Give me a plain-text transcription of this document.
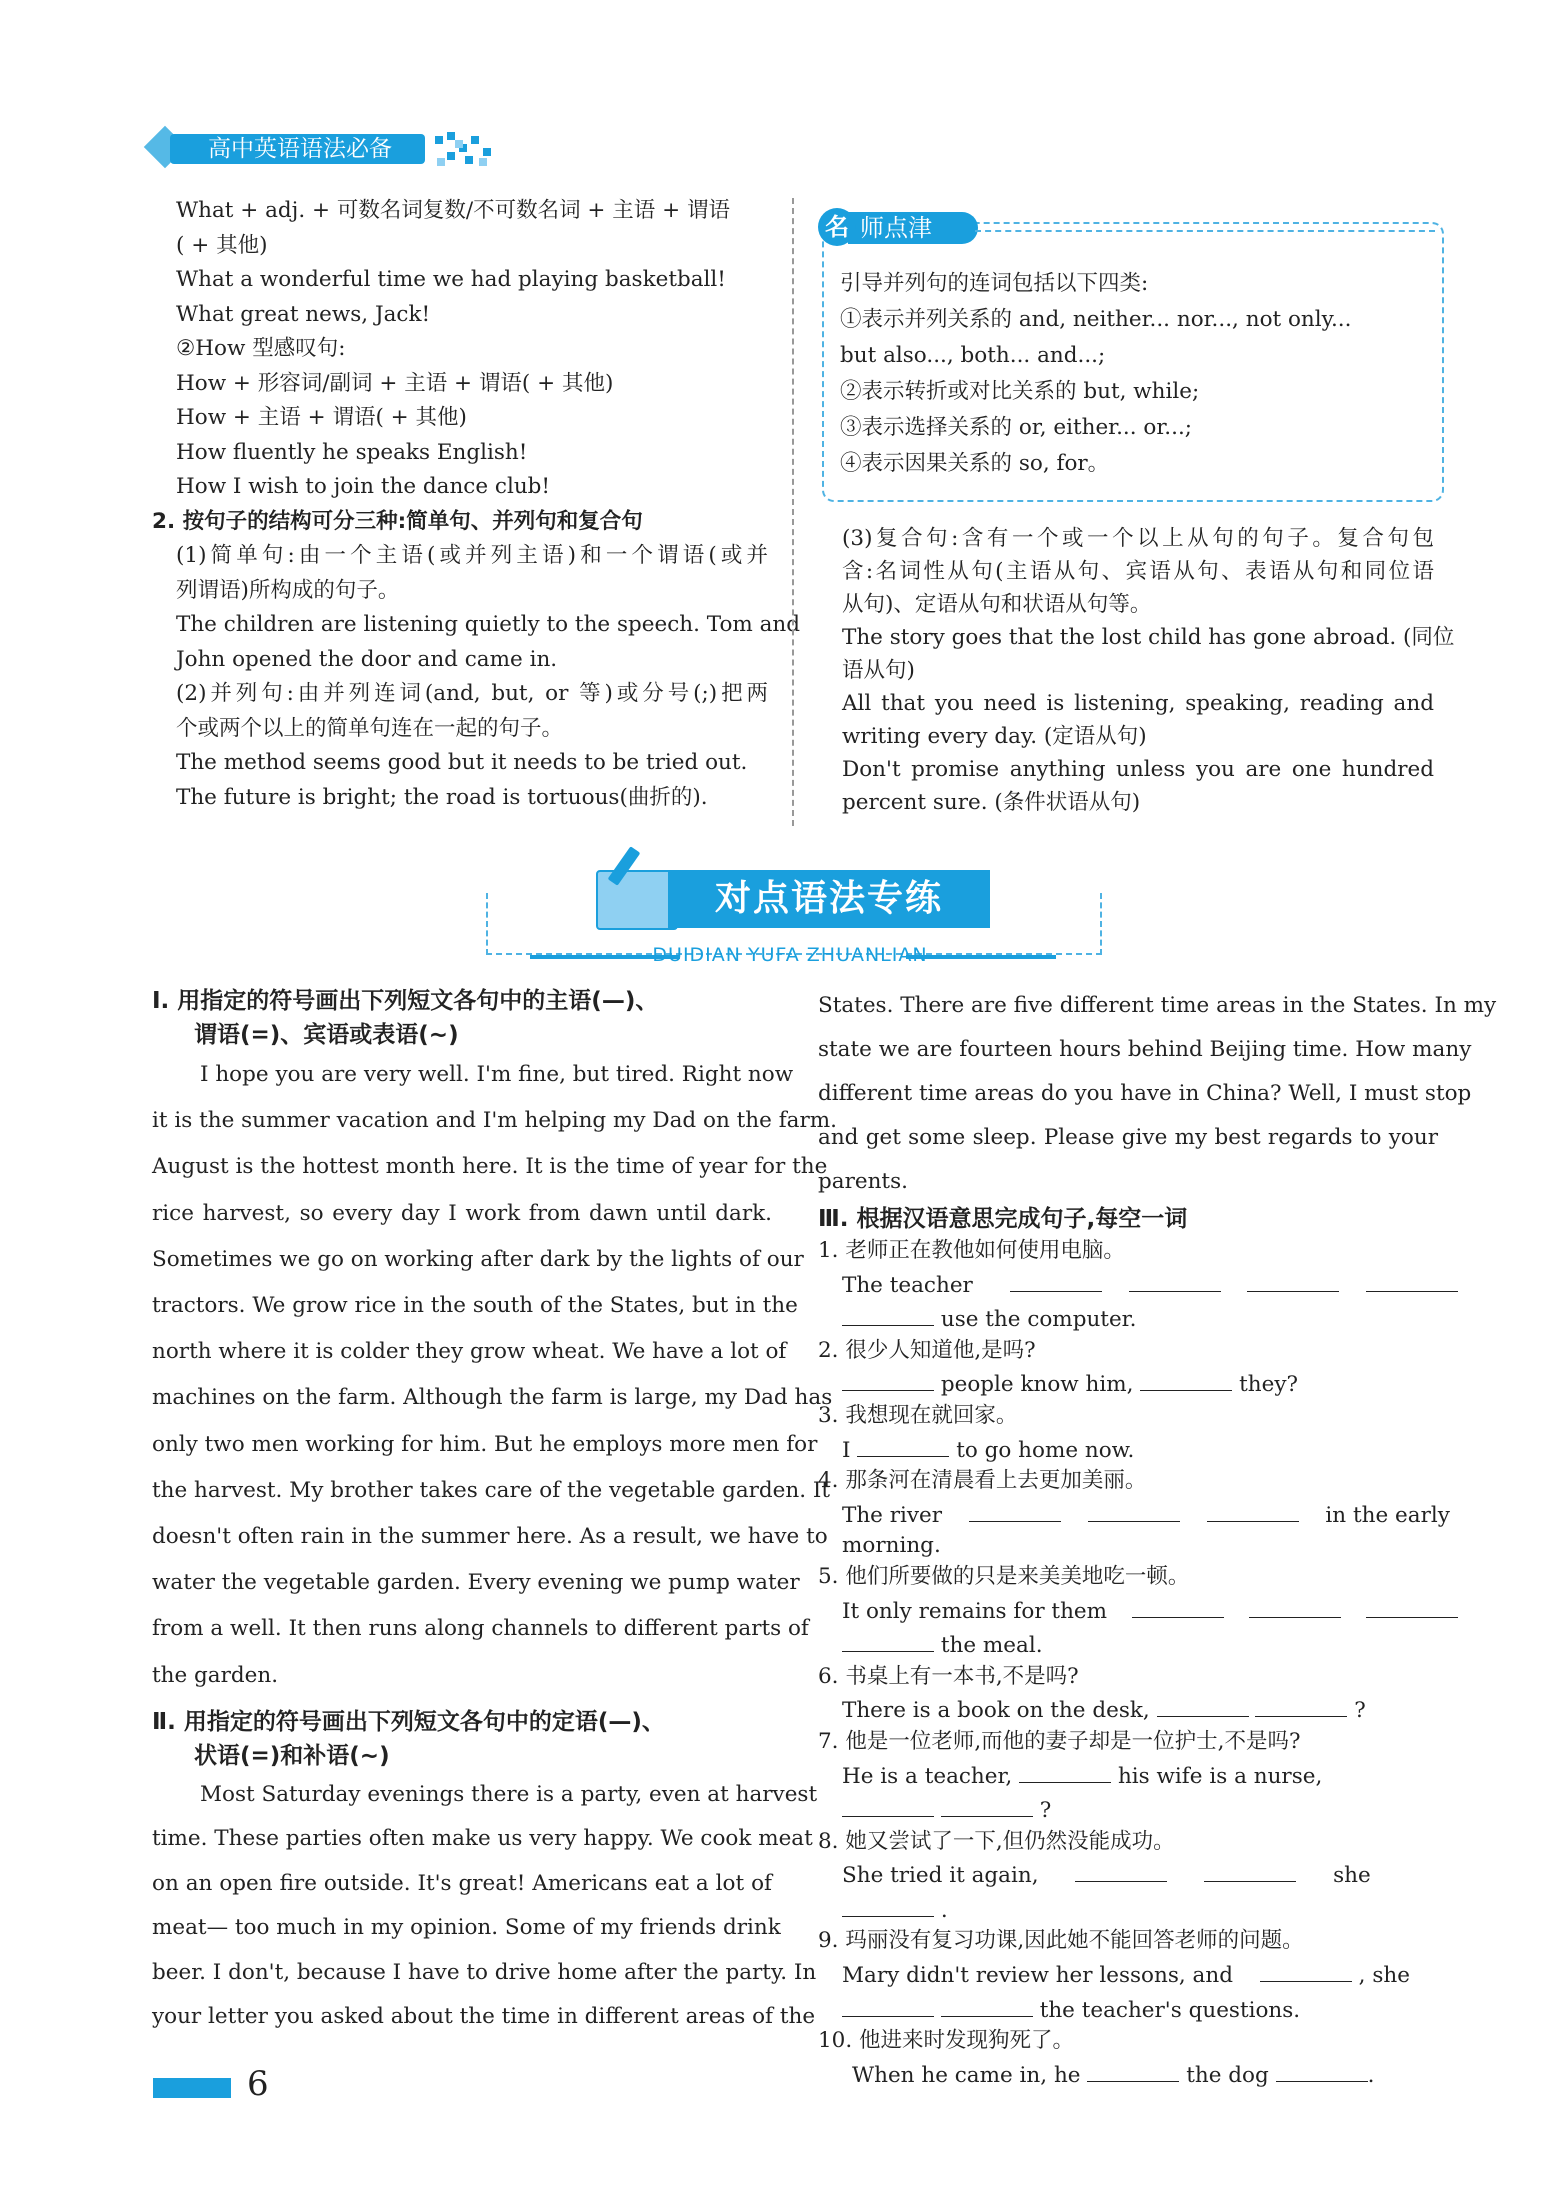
高中英语语法必备
What + adj. + 可数名词复数/不可数名词 + 主语 + 谓语
( + 其他)
What a wonderful time we had playing basketball!
What great news, Jack!
②How 型感叹句:
How + 形容词/副词 + 主语 + 谓语( + 其他)
How + 主语 + 谓语( + 其他)
How fluently he speaks English!
How I wish to join the dance club!
2. 按句子的结构可分三种:简单句、并列句和复合句
(1)简单句:由一个主语(或并列主语)和一个谓语(或并
列谓语)所构成的句子。
The children are listening quietly to the speech. Tom and
John opened the door and came in.
(2)并列句:由并列连词(and, but, or 等)或分号(;)把两
个或两个以上的简单句连在一起的句子。
The method seems good but it needs to be tried out.
The future is bright; the road is tortuous(曲折的).
师点津
名
引导并列句的连词包括以下四类:
①表示并列关系的 and, neither... nor..., not only...
but also..., both... and...;
②表示转折或对比关系的 but, while;
③表示选择关系的 or, either... or...;
④表示因果关系的 so, for。
(3)复合句:含有一个或一个以上从句的句子。复合句包
含:名词性从句(主语从句、宾语从句、表语从句和同位语
从句)、定语从句和状语从句等。
The story goes that the lost child has gone abroad. (同位
语从句)
All that you need is listening, speaking, reading and
writing every day. (定语从句)
Don't promise anything unless you are one hundred
percent sure. (条件状语从句)
对点语法专练
DUIDIAN YUFA ZHUANLIAN
Ⅰ. 用指定的符号画出下列短文各句中的主语(—)、
谓语(=)、宾语或表语(~)
I hope you are very well. I'm fine, but tired. Right now
it is the summer vacation and I'm helping my Dad on the farm.
August is the hottest month here. It is the time of year for the
rice harvest, so every day I work from dawn until dark.
Sometimes we go on working after dark by the lights of our
tractors. We grow rice in the south of the States, but in the
north where it is colder they grow wheat. We have a lot of
machines on the farm. Although the farm is large, my Dad has
only two men working for him. But he employs more men for
the harvest. My brother takes care of the vegetable garden. It
doesn't often rain in the summer here. As a result, we have to
water the vegetable garden. Every evening we pump water
from a well. It then runs along channels to different parts of
the garden.
Ⅱ. 用指定的符号画出下列短文各句中的定语(—)、
状语(=)和补语(~)
Most Saturday evenings there is a party, even at harvest
time. These parties often make us very happy. We cook meat
on an open fire outside. It's great! Americans eat a lot of
meat— too much in my opinion. Some of my friends drink
beer. I don't, because I have to drive home after the party. In
your letter you asked about the time in different areas of the
States. There are five different time areas in the States. In my
state we are fourteen hours behind Beijing time. How many
different time areas do you have in China? Well, I must stop
and get some sleep. Please give my best regards to your
parents.
Ⅲ. 根据汉语意思完成句子,每空一词
1. 老师正在教他如何使用电脑。
The teacher
use the computer.
2. 很少人知道他,是吗?
people know him,	they?
3. 我想现在就回家。
I	to go home now.
4. 那条河在清晨看上去更加美丽。
The river	in the early
morning.
5. 他们所要做的只是来美美地吃一顿。
It only remains for them
the meal.
6. 书桌上有一本书,不是吗?
There is a book on the desk,	?
7. 他是一位老师,而他的妻子却是一位护士,不是吗?
He is a teacher,	his wife is a nurse,
?
8. 她又尝试了一下,但仍然没能成功。
She tried it again,	she
.
9. 玛丽没有复习功课,因此她不能回答老师的问题。
Mary didn't review her lessons, and	, she
the teacher's questions.
10. 他进来时发现狗死了。
When he came in, he	the dog	.
6
